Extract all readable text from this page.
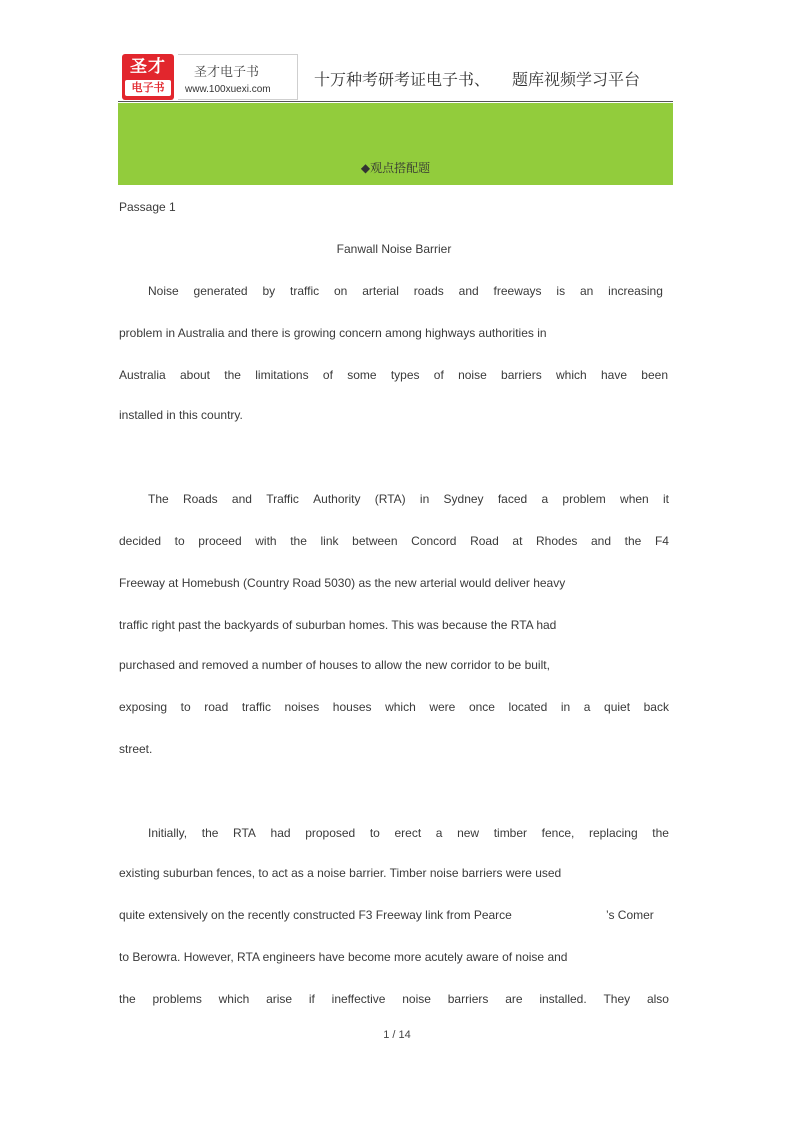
圣才
电子书
圣才电子书
www.100xuexi.com
十万种考研考证电子书、 题库视频学习平台
◆观点搭配题
Passage 1
Fanwall Noise Barrier
Noise generated by traffic on arterial roads and freeways is an increasing
problem in Australia and there is growing concern among highways authorities in
Australia about the limitations of some types of noise barriers which have been
installed in this country.
The Roads and Traffic Authority (RTA) in Sydney faced a problem when it
decided to proceed with the link between Concord Road at Rhodes and the F4
Freeway at Homebush (Country Road 5030) as the new arterial would deliver heavy
traffic right past the backyards of suburban homes. This was because the RTA had
purchased and removed a number of houses to allow the new corridor to be built,
exposing to road traffic noises houses which were once located in a quiet back
street.
Initially, the RTA had proposed to erect a new timber fence, replacing the
existing suburban fences, to act as a noise barrier. Timber noise barriers were used
quite extensively on the recently constructed F3 Freeway link from Pearce	’s Comer
to Berowra. However, RTA engineers have become more acutely aware of noise and
the problems which arise if ineffective noise barriers are installed. They also
1 / 14
